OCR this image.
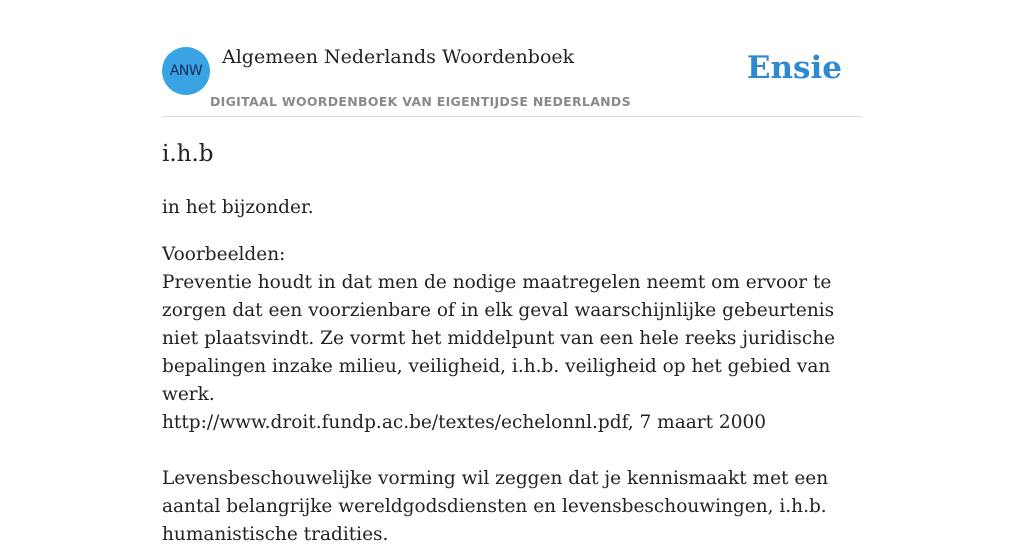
ANW
Algemeen Nederlands Woordenboek
DIGITAAL WOORDENBOEK VAN EIGENTIJDSE NEDERLANDS
Ensie
i.h.b
in het bijzonder.
Voorbeelden:
Preventie houdt in dat men de nodige maatregelen neemt om ervoor te zorgen dat een voorzienbare of in elk geval waarschijnlijke gebeurtenis niet plaatsvindt. Ze vormt het middelpunt van een hele reeks juridische bepalingen inzake milieu, veiligheid, i.h.b. veiligheid op het gebied van werk.
http://www.droit.fundp.ac.be/textes/echelonnl.pdf, 7 maart 2000
Levensbeschouwelijke vorming wil zeggen dat je kennismaakt met een aantal belangrijke wereldgodsdiensten en levensbeschouwingen, i.h.b. humanistische tradities.
